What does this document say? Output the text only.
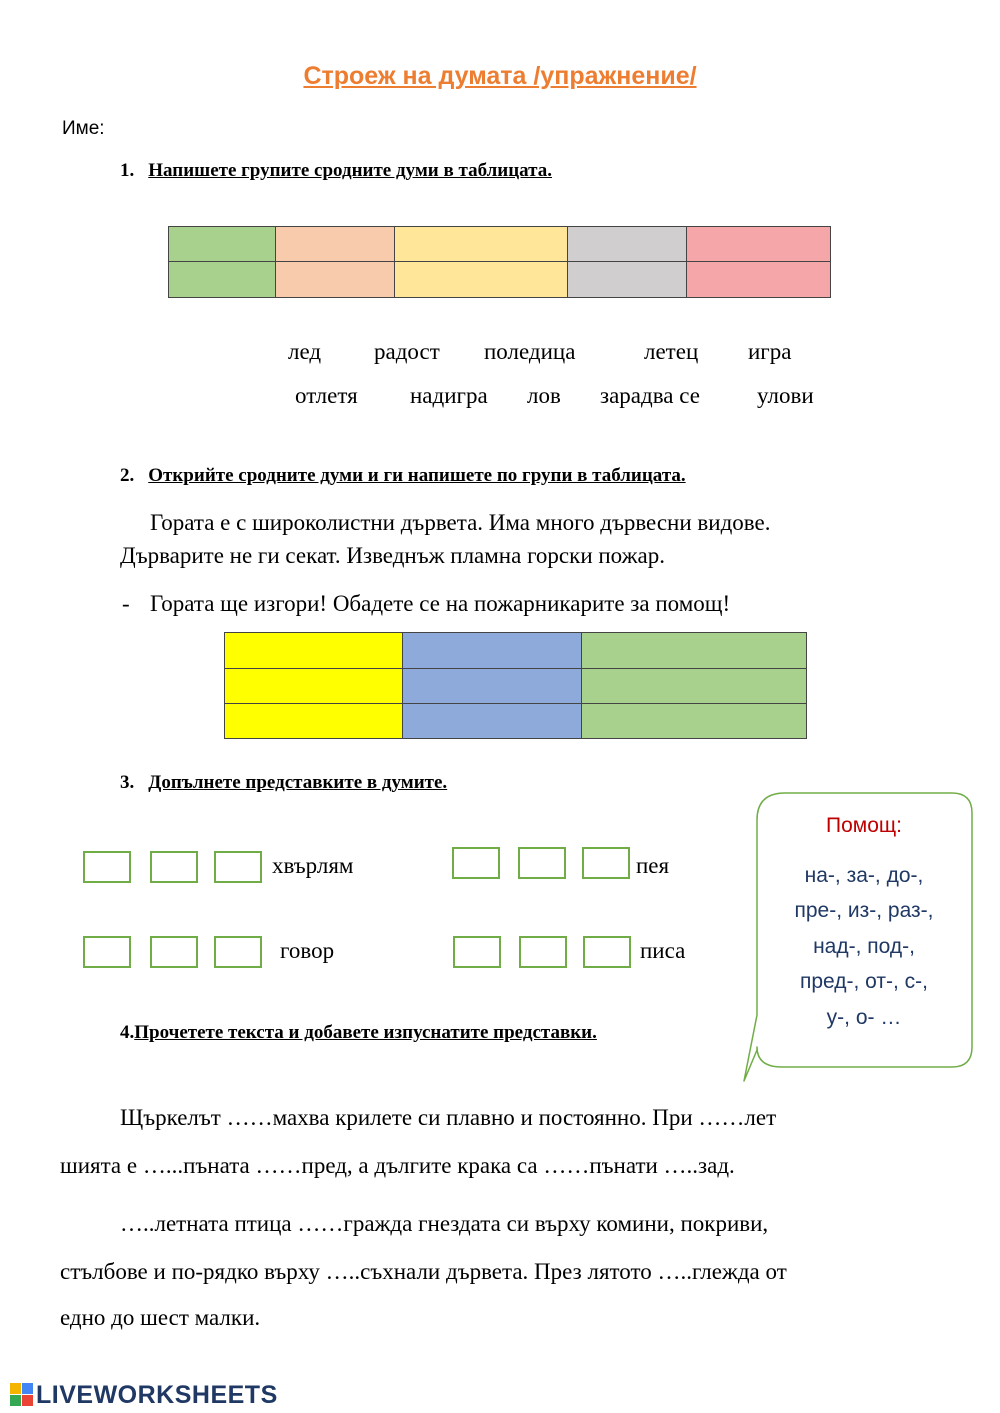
Строеж на думата /упражнение/
Име:
1. Напишете групите сродните думи в таблицата.

лед радост поледица	летец игра
отлетя надигра лов зарадва се улови
2. Открийте сродните думи и ги напишете по групи в таблицата.
Гората е с широколистни дървета. Има много дървесни видове.
Дърварите не ги секат. Изведнъж пламна горски пожар.
- Гората ще изгори! Обадете се на пожарникарите за помощ!

3. Допълнете представките в думите.
хвърлям	пея
говор	писа
Помощ:
на-, за-, до-,
пре-, из-, раз-,
над-, под-,
пред-, от-, с-,
у-, о- …
4.Прочетете текста и добавете изпуснатите представки.
Щъркелът ……махва крилете си плавно и постоянно. При ……лет
шията е …...пъната ……пред, а дългите крака са ……пънати …..зад.
…..летната птица ……гражда гнездата си върху комини, покриви,
стълбове и по-рядко върху …..съхнали дървета. През лятото …..глежда от
едно до шест малки.
LIVEWORKSHEETS
